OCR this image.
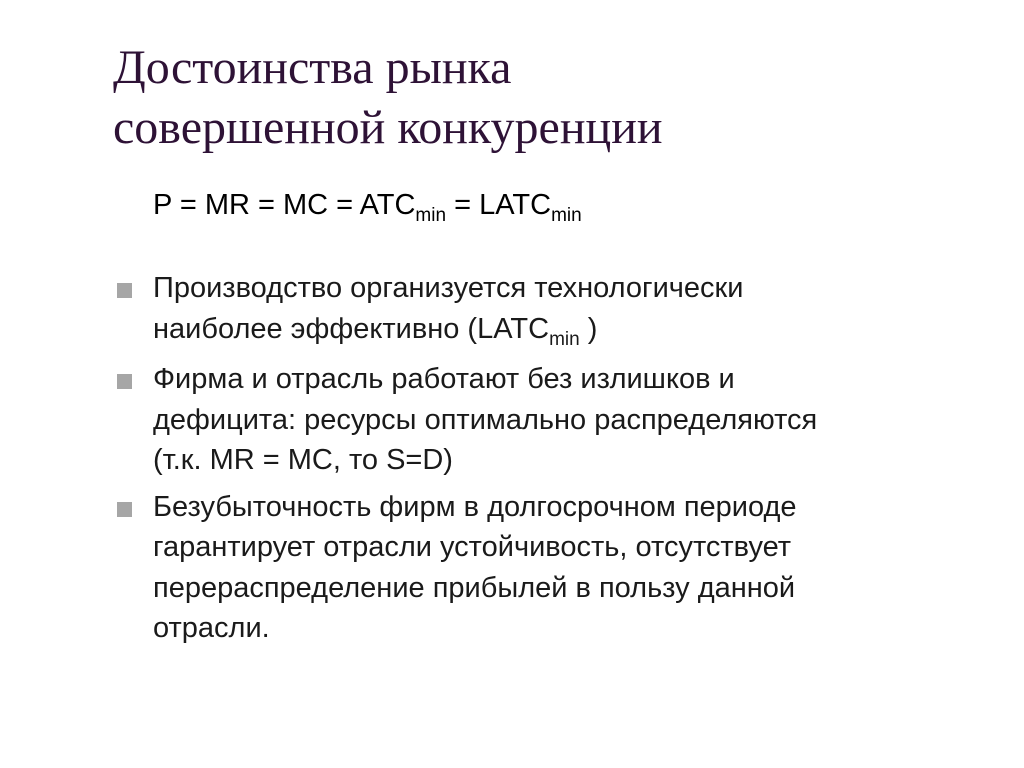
Достоинства рынка
совершенной конкуренции
P = MR = MC = $ATC_{min}$ = $LATC_{min}$
Производство организуется технологически
наиболее эффективно ($LATC_{min}$ )
Фирма и отрасль работают без излишков и
дефицита: ресурсы оптимально распределяются
(т.к. MR = MC, то S=D)
Безубыточность фирм в долгосрочном периоде
гарантирует отрасли устойчивость, отсутствует
перераспределение прибылей в пользу данной
отрасли.
